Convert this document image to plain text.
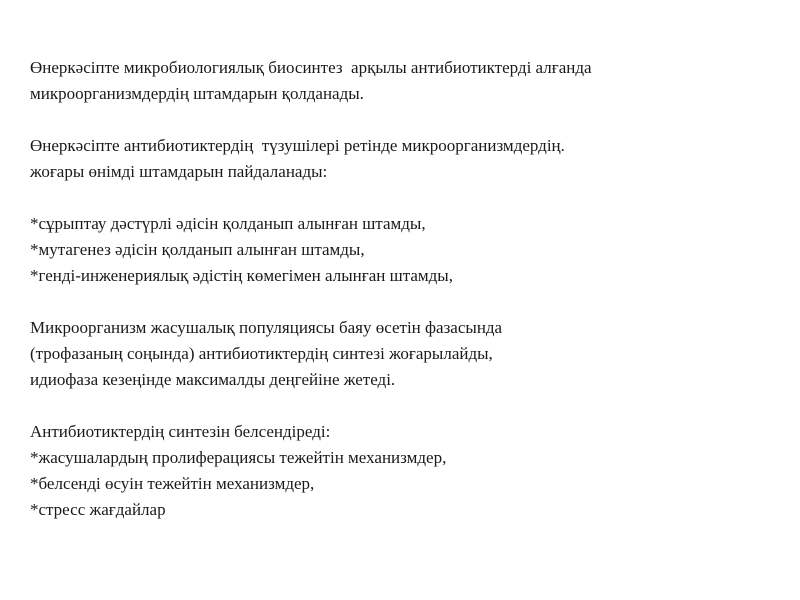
Өнеркәсіпте микробиологиялық биосинтез  арқылы антибиотиктерді алғанда
микроорганизмдердің штамдарын қолданады.

Өнеркәсіпте антибиотиктердің  түзушілері ретінде микроорганизмдердің.
жоғары өнімді штамдарын пайдаланады:

*сұрыптау дәстүрлі әдісін қолданып алынған штамды,
*мутагенез әдісін қолданып алынған штамды,
*генді-инженериялық әдістің көмегімен алынған штамды,

Микроорганизм жасушалық популяциясы баяу өсетін фазасында
(трофазаның соңында) антибиотиктердің синтезі жоғарылайды,
идиофаза кезеңінде максималды деңгейіне жетеді.

Антибиотиктердің синтезін белсендіреді:
*жасушалардың пролиферациясы тежейтін механизмдер,
*белсенді өсуін тежейтін механизмдер,
*стресс жағдайлар
